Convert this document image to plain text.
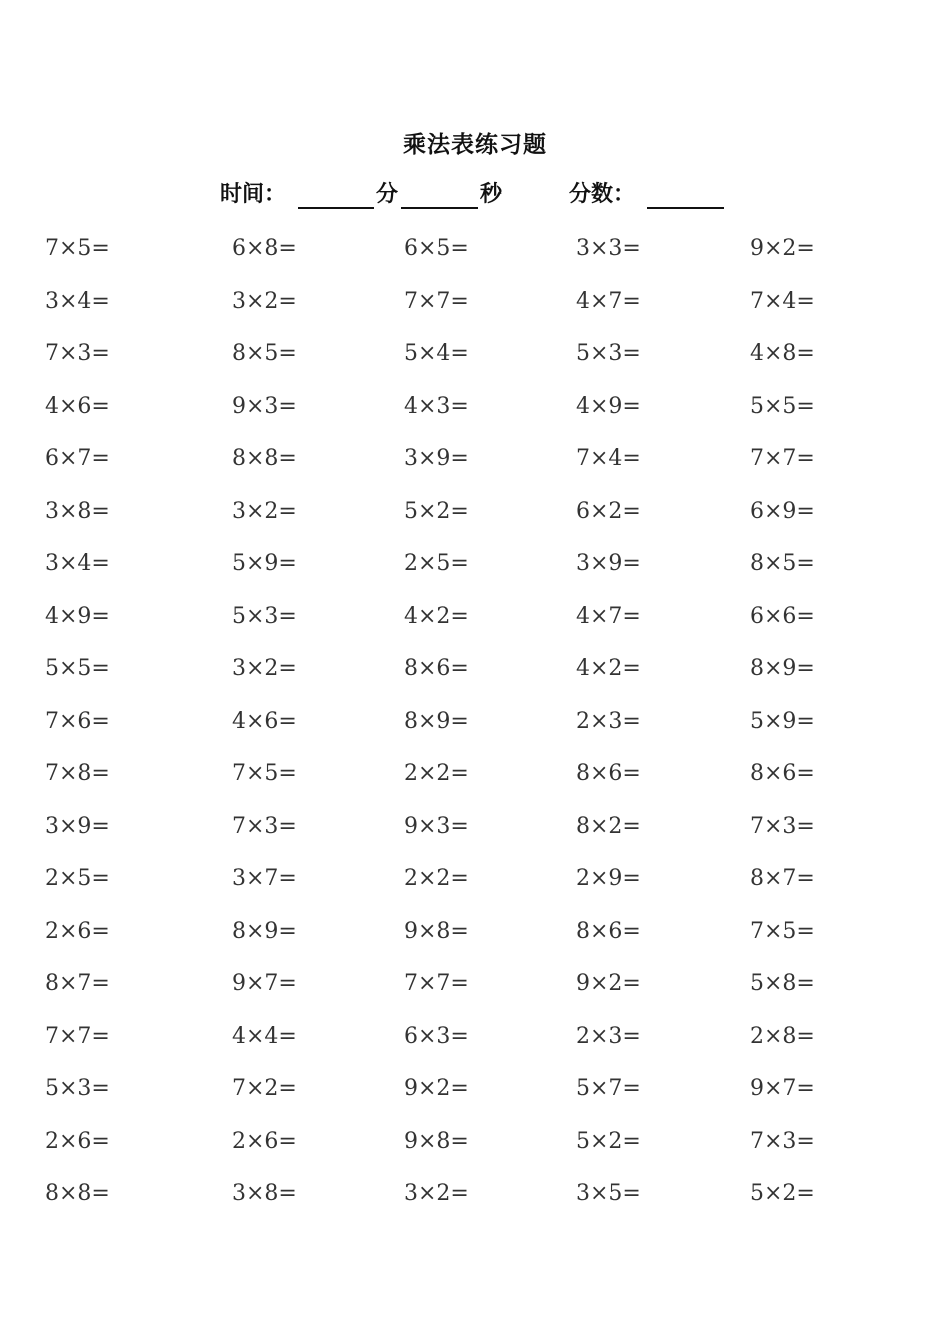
乘法表练习题
时间：	分	秒	分数：
7×5=	6×8=	6×5=	3×3=	9×2=
3×4=	3×2=	7×7=	4×7=	7×4=
7×3=	8×5=	5×4=	5×3=	4×8=
4×6=	9×3=	4×3=	4×9=	5×5=
6×7=	8×8=	3×9=	7×4=	7×7=
3×8=	3×2=	5×2=	6×2=	6×9=
3×4=	5×9=	2×5=	3×9=	8×5=
4×9=	5×3=	4×2=	4×7=	6×6=
5×5=	3×2=	8×6=	4×2=	8×9=
7×6=	4×6=	8×9=	2×3=	5×9=
7×8=	7×5=	2×2=	8×6=	8×6=
3×9=	7×3=	9×3=	8×2=	7×3=
2×5=	3×7=	2×2=	2×9=	8×7=
2×6=	8×9=	9×8=	8×6=	7×5=
8×7=	9×7=	7×7=	9×2=	5×8=
7×7=	4×4=	6×3=	2×3=	2×8=
5×3=	7×2=	9×2=	5×7=	9×7=
2×6=	2×6=	9×8=	5×2=	7×3=
8×8=	3×8=	3×2=	3×5=	5×2=
